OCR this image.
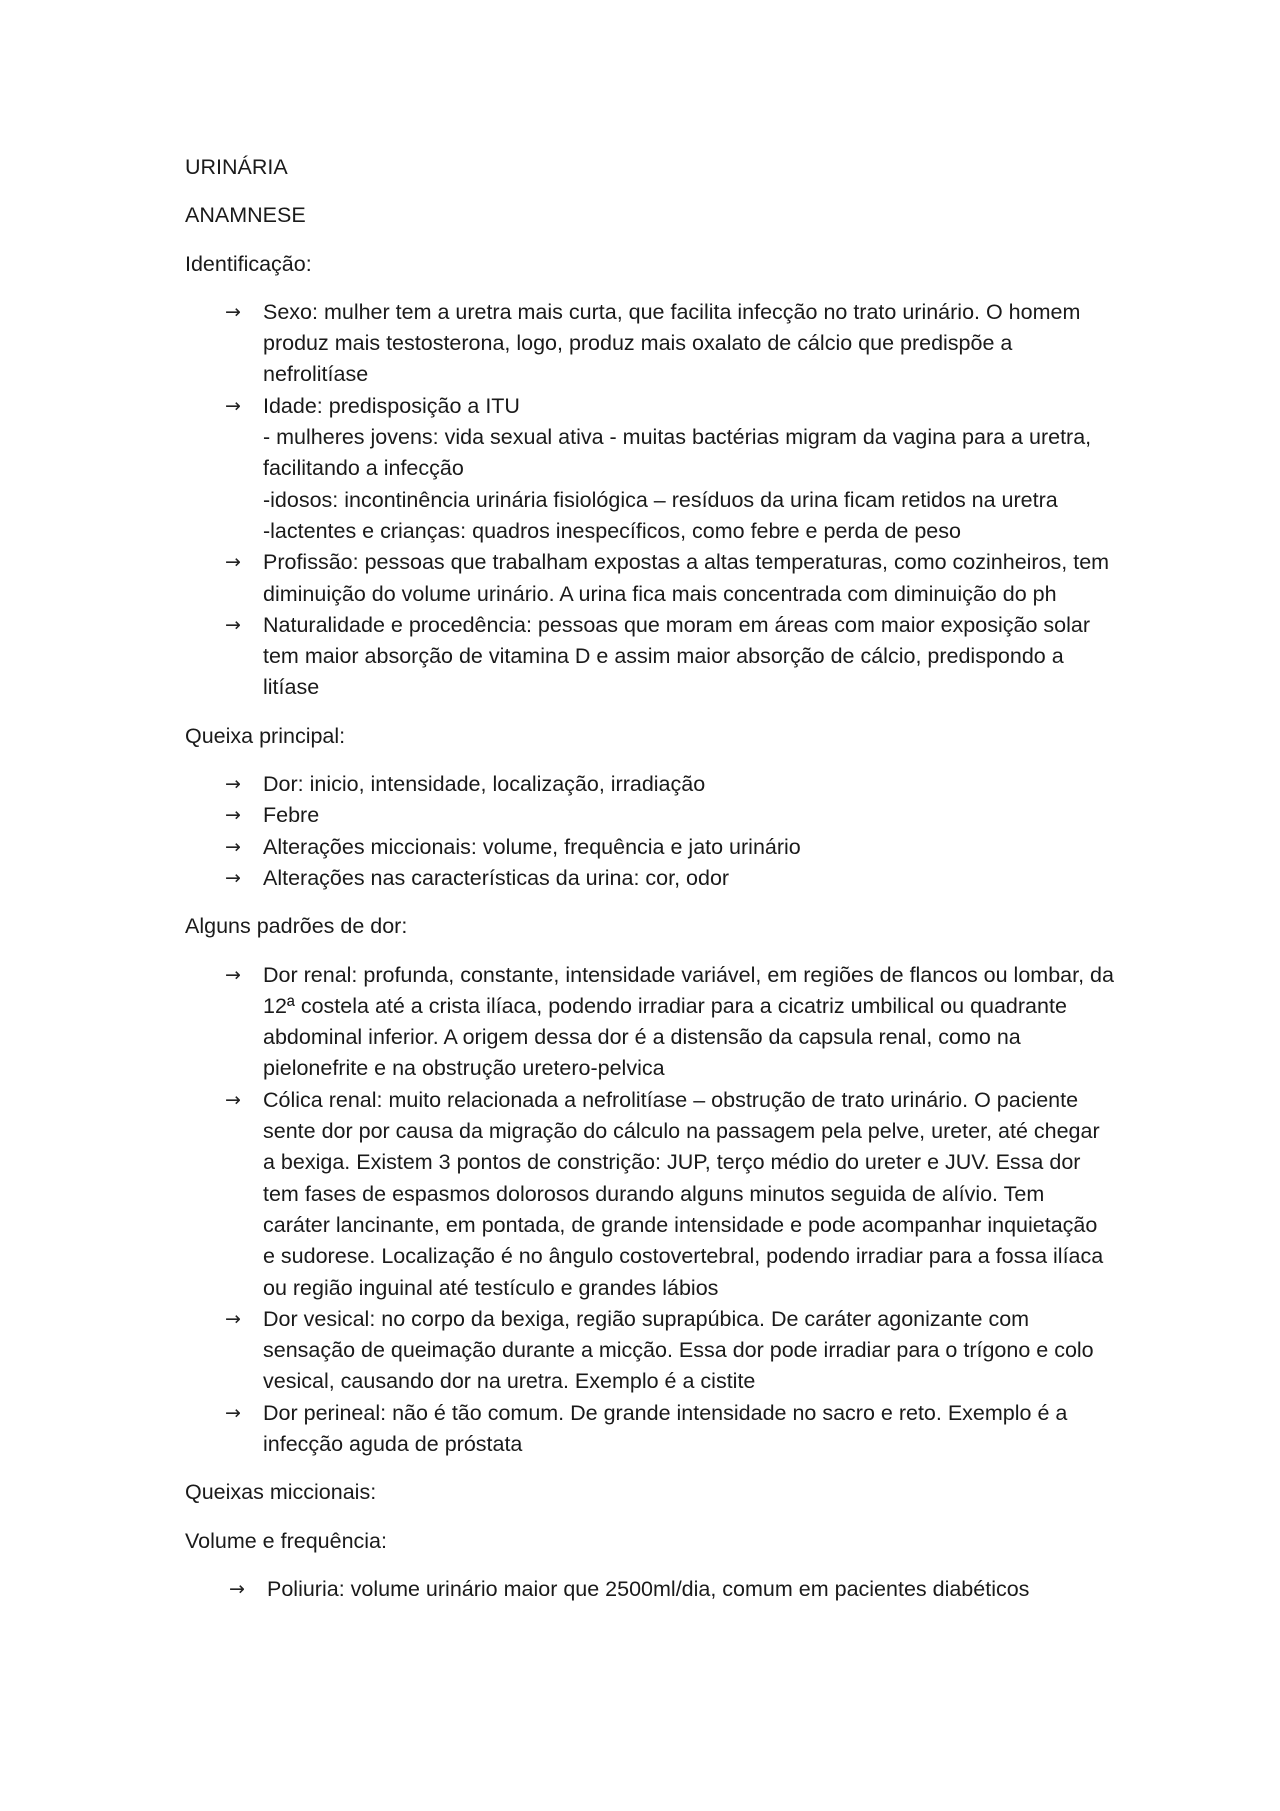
URINÁRIA

ANAMNESE

Identificação:

→	Sexo: mulher tem a uretra mais curta, que facilita infecção no trato urinário. O homem produz mais testosterona, logo, produz mais oxalato de cálcio que predispõe a nefrolitíase
→	Idade: predisposição a ITU
- mulheres jovens: vida sexual ativa - muitas bactérias migram da vagina para a uretra, facilitando a infecção
-idosos: incontinência urinária fisiológica – resíduos da urina ficam retidos na uretra
-lactentes e crianças: quadros inespecíficos, como febre e perda de peso
→	Profissão: pessoas que trabalham expostas a altas temperaturas, como cozinheiros, tem diminuição do volume urinário. A urina fica mais concentrada com diminuição do ph
→	Naturalidade e procedência: pessoas que moram em áreas com maior exposição solar tem maior absorção de vitamina D e assim maior absorção de cálcio, predispondo a litíase

Queixa principal:

→	Dor: inicio, intensidade, localização, irradiação
→	Febre
→	Alterações miccionais: volume, frequência e jato urinário
→	Alterações nas características da urina: cor, odor

Alguns padrões de dor:

→	Dor renal: profunda, constante, intensidade variável, em regiões de flancos ou lombar, da 12ª costela até a crista ilíaca, podendo irradiar para a cicatriz umbilical ou quadrante abdominal inferior. A origem dessa dor é a distensão da capsula renal, como na pielonefrite e na obstrução uretero-pelvica
→	Cólica renal: muito relacionada a nefrolitíase – obstrução de trato urinário. O paciente sente dor por causa da migração do cálculo na passagem pela pelve, ureter, até chegar a bexiga. Existem 3 pontos de constrição: JUP, terço médio do ureter e JUV. Essa dor tem fases de espasmos dolorosos durando alguns minutos seguida de alívio. Tem caráter lancinante, em pontada, de grande intensidade e pode acompanhar inquietação e sudorese. Localização é no ângulo costovertebral, podendo irradiar para a fossa ilíaca ou região inguinal até testículo e grandes lábios
→	Dor vesical: no corpo da bexiga, região suprapúbica. De caráter agonizante com sensação de queimação durante a micção. Essa dor pode irradiar para o trígono e colo vesical, causando dor na uretra. Exemplo é a cistite
→	Dor perineal: não é tão comum. De grande intensidade no sacro e reto. Exemplo é a infecção aguda de próstata

Queixas miccionais:

Volume e frequência:

→	Poliuria: volume urinário maior que 2500ml/dia, comum em pacientes diabéticos
